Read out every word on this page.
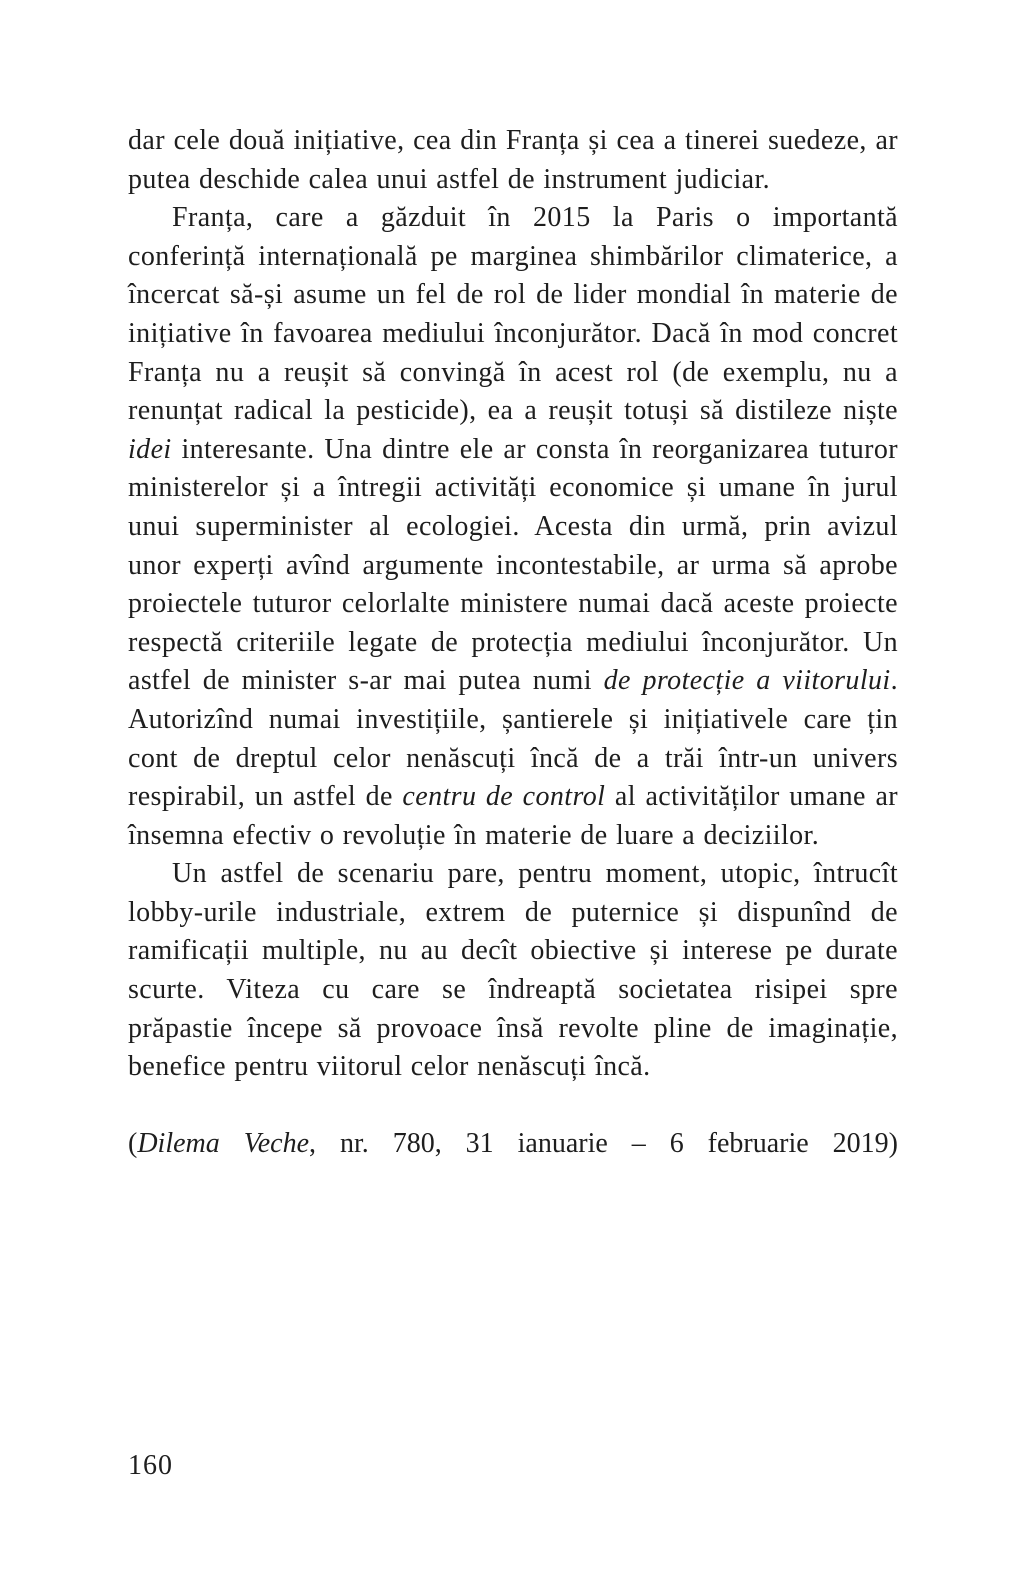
dar cele două inițiative, cea din Franța și cea a tinerei suedeze, ar putea deschide calea unui astfel de instrument judiciar.

Franța, care a găzduit în 2015 la Paris o importantă conferință internațională pe marginea shimbărilor climaterice, a încercat să-și asume un fel de rol de lider mondial în materie de inițiative în favoarea mediului înconjurător. Dacă în mod concret Franța nu a reușit să convingă în acest rol (de exemplu, nu a renunțat radical la pesticide), ea a reușit totuși să distileze niște idei interesante. Una dintre ele ar consta în reorganizarea tuturor ministerelor și a întregii activități economice și umane în jurul unui superminister al ecologiei. Acesta din urmă, prin avizul unor experți avînd argumente incontestabile, ar urma să aprobe proiectele tuturor celorlalte ministere numai dacă aceste proiecte respectă criteriile legate de protecția mediului înconjurător. Un astfel de minister s-ar mai putea numi de protecție a viitorului. Autorizînd numai investițiile, șantierele și inițiativele care țin cont de dreptul celor nenăscuți încă de a trăi într-un univers respirabil, un astfel de centru de control al activităților umane ar însemna efectiv o revoluție în materie de luare a deciziilor.

Un astfel de scenariu pare, pentru moment, utopic, întrucît lobby-urile industriale, extrem de puternice și dispunînd de ramificații multiple, nu au decît obiective și interese pe durate scurte. Viteza cu care se îndreaptă societatea risipei spre prăpastie începe să provoace însă revolte pline de imaginație, benefice pentru viitorul celor nenăscuți încă.

(Dilema Veche, nr. 780, 31 ianuarie – 6 februarie 2019)

160
